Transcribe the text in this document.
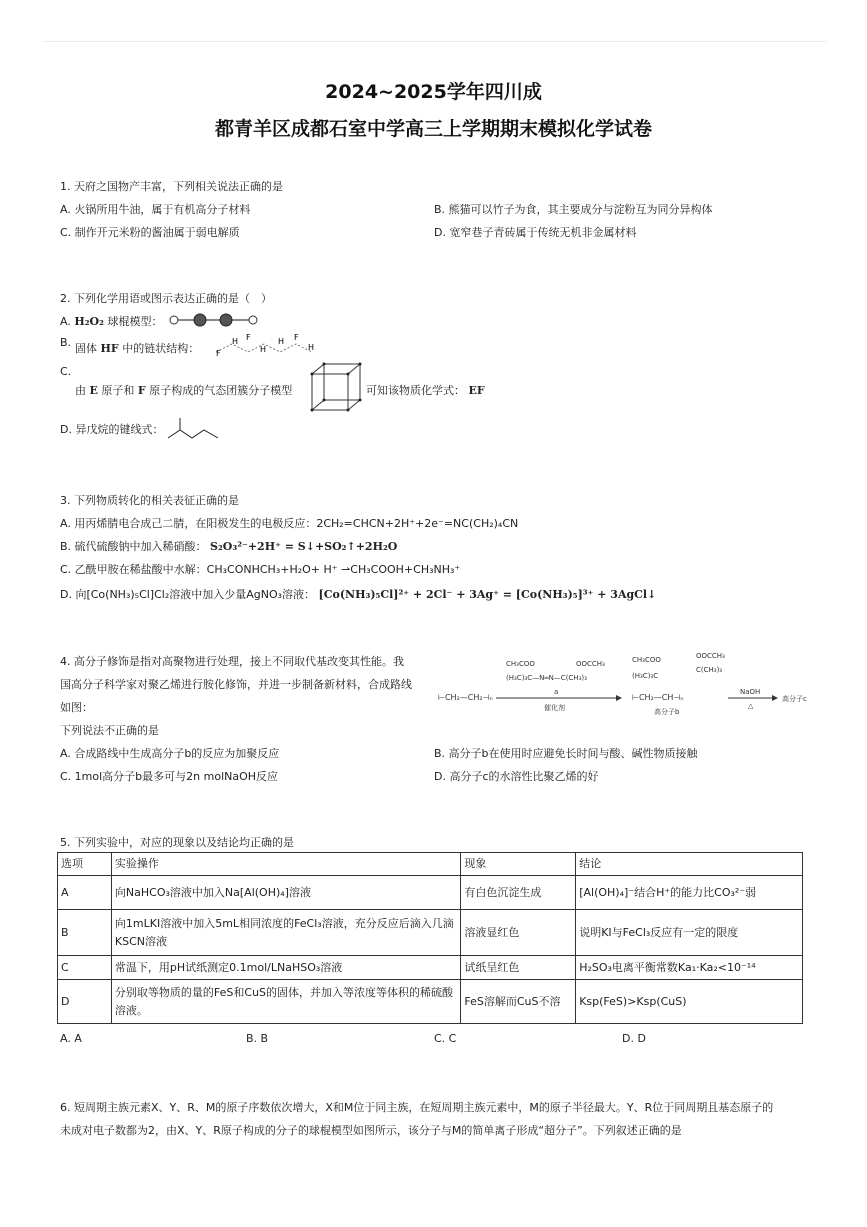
2024~2025学年四川成
都青羊区成都石室中学高三上学期期末模拟化学试卷
1. 天府之国物产丰富，下列相关说法正确的是
A. 火锅所用牛油，属于有机高分子材料	B. 熊猫可以竹子为食，其主要成分与淀粉互为同分异构体
C. 制作开元米粉的酱油属于弱电解质	D. 宽窄巷子青砖属于传统无机非金属材料
2. 下列化学用语或图示表达正确的是（　）
A. H₂O₂ 球棍模型：
B. 固体 HF 中的链状结构： F
H F
H
H F
H
C.
由 E 原子和 F 原子构成的气态团簇分子模型	可知该物质化学式： EF
D. 异戊烷的键线式：
3. 下列物质转化的相关表征正确的是
A. 用丙烯腈电合成己二腈，在阳极发生的电极反应：2CH₂=CHCN+2H⁺+2e⁻=NC(CH₂)₄CN
B. 硫代硫酸钠中加入稀硝酸： S₂O₃²⁻+2H⁺ = S↓+SO₂↑+2H₂O
C. 乙酰甲胺在稀盐酸中水解：CH₃CONHCH₃+H₂O+ H⁺ ⇀CH₃COOH+CH₃NH₃⁺
D. 向[Co(NH₃)₅Cl]Cl₂溶液中加入少量AgNO₃溶液： [Co(NH₃)₅Cl]²⁺ + 2Cl⁻ + 3Ag⁺ = [Co(NH₃)₅]³⁺ + 3AgCl↓
4. 高分子修饰是指对高聚物进行处理，接上不同取代基改变其性能。我
国高分子科学家对聚乙烯进行胺化修饰，并进一步制备新材料，合成路线
如图：
下列说法不正确的是
⊢CH₂—CH₂⊣ₙ
CH₃COO	OOCCH₃
(H₃C)₃C—N═N—C(CH₃)₃
a
催化剂
CH₃COO	OOCCH₃
(H₃C)₃C
C(CH₃)₃
⊢CH₂—CH⊣ₙ
高分子b
NaOH
△
高分子c
A. 合成路线中生成高分子b的反应为加聚反应	B. 高分子b在使用时应避免长时间与酸、碱性物质接触
C. 1mol高分子b最多可与2n molNaOH反应	D. 高分子c的水溶性比聚乙烯的好
5. 下列实验中，对应的现象以及结论均正确的是
选项	实验操作	现象	结论
A	向NaHCO₃溶液中加入Na[Al(OH)₄]溶液	有白色沉淀生成	[Al(OH)₄]⁻结合H⁺的能力比CO₃²⁻弱
B	向1mLKI溶液中加入5mL相同浓度的FeCl₃溶液，充分反应后滴入几滴KSCN溶液	溶液显红色	说明KI与FeCl₃反应有一定的限度
C	常温下，用pH试纸测定0.1mol/LNaHSO₃溶液	试纸呈红色	H₂SO₃电离平衡常数Ka₁·Ka₂<10⁻¹⁴
D	分别取等物质的量的FeS和CuS的固体，并加入等浓度等体积的稀硫酸溶液。	FeS溶解而CuS不溶	Ksp(FeS)>Ksp(CuS)
A. A	B. B	C. C	D. D
6. 短周期主族元素X、Y、R、M的原子序数依次增大，X和M位于同主族，在短周期主族元素中，M的原子半径最大。Y、R位于同周期且基态原子的
未成对电子数都为2，由X、Y、R原子构成的分子的球棍模型如图所示，该分子与M的简单离子形成“超分子”。下列叙述正确的是
